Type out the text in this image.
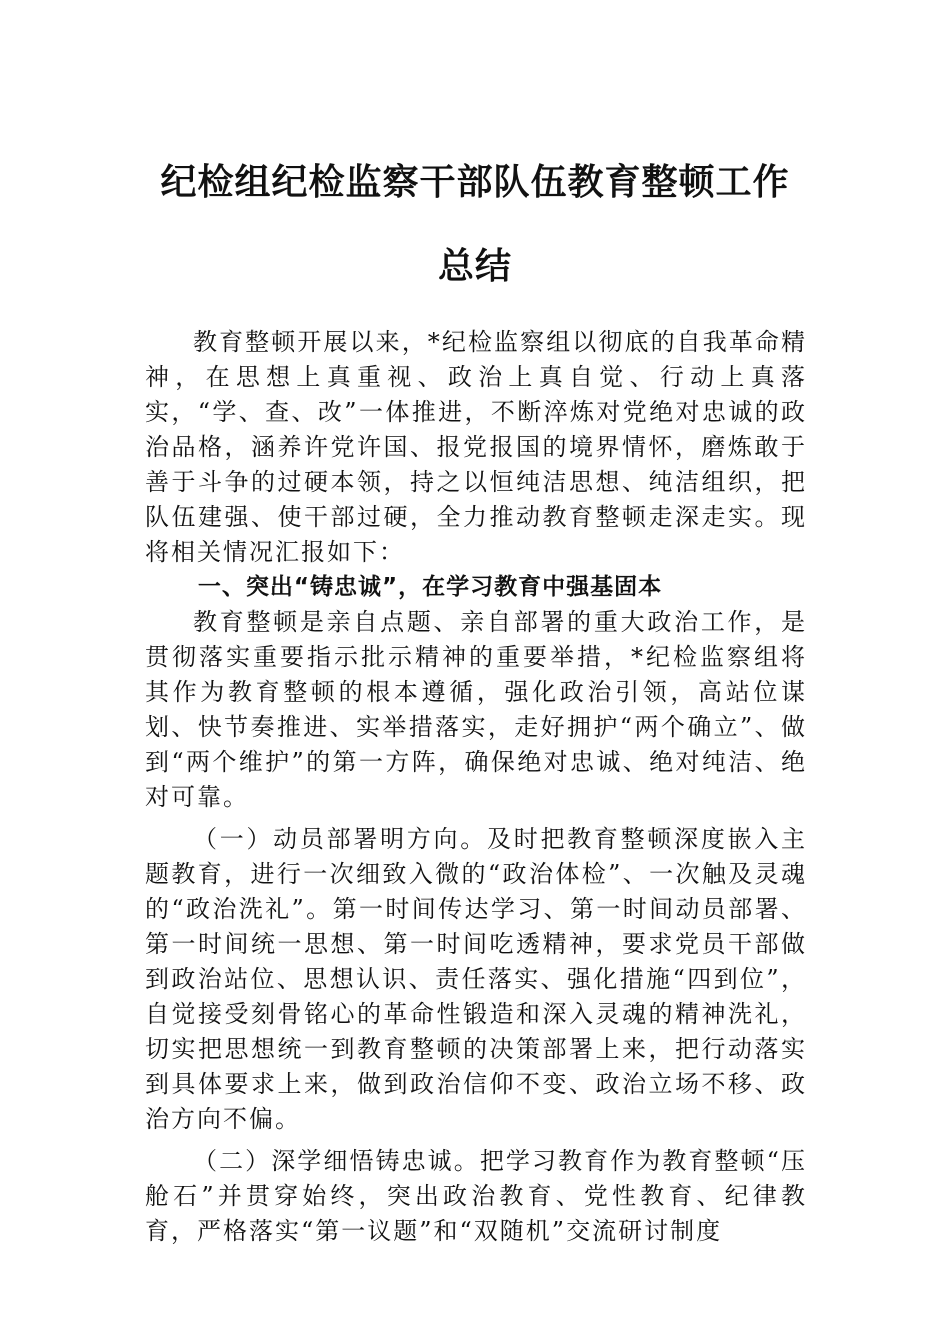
纪检组纪检监察干部队伍教育整顿工作总结

教育整顿开展以来，*纪检监察组以彻底的自我革命精神，在思想上真重视、政治上真自觉、行动上真落实，“学、查、改”一体推进，不断淬炼对党绝对忠诚的政治品格，涵养许党许国、报党报国的境界情怀，磨炼敢于善于斗争的过硬本领，持之以恒纯洁思想、纯洁组织，把队伍建强、使干部过硬，全力推动教育整顿走深走实。现将相关情况汇报如下：

一、突出“铸忠诚”，在学习教育中强基固本

教育整顿是亲自点题、亲自部署的重大政治工作，是贯彻落实重要指示批示精神的重要举措，*纪检监察组将其作为教育整顿的根本遵循，强化政治引领，高站位谋划、快节奏推进、实举措落实，走好拥护“两个确立”、做到“两个维护”的第一方阵，确保绝对忠诚、绝对纯洁、绝对可靠。

（一）动员部署明方向。及时把教育整顿深度嵌入主题教育，进行一次细致入微的“政治体检”、一次触及灵魂的“政治洗礼”。第一时间传达学习、第一时间动员部署、第一时间统一思想、第一时间吃透精神，要求党员干部做到政治站位、思想认识、责任落实、强化措施“四到位”，自觉接受刻骨铭心的革命性锻造和深入灵魂的精神洗礼，切实把思想统一到教育整顿的决策部署上来，把行动落实到具体要求上来，做到政治信仰不变、政治立场不移、政治方向不偏。

（二）深学细悟铸忠诚。把学习教育作为教育整顿“压舱石”并贯穿始终，突出政治教育、党性教育、纪律教育，严格落实“第一议题”和“双随机”交流研讨制度
